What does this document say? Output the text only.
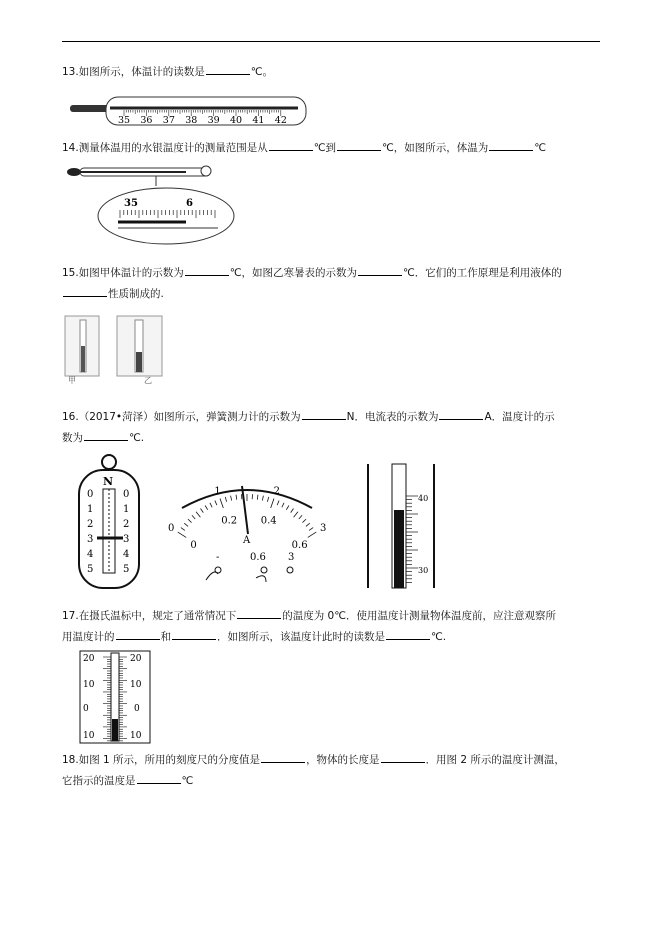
13.如图所示，体温计的读数是	℃。
35 36 37 38 39 40 41 42
14.测量体温用的水银温度计的测量范围是从	℃到	℃，如图所示，体温为	℃
35	6
15.如图甲体温计的示数为	℃，如图乙寒暑表的示数为	℃．它们的工作原理是利用液体的
性质制成的.
甲	乙
16.（2017•菏泽）如图所示，弹簧测力计的示数为	N．电流表的示数为	A．温度计的示
数为	℃.
N
0
1
2
3
4
5
0
1
2
3
4
5
0
1	2
3
0
0.2 0.4
0.6
A
-	0.6 3
40
30
17.在摄氏温标中，规定了通常情况下	的温度为 0℃．使用温度计测量物体温度前，应注意观察所
用温度计的	和	．如图所示，该温度计此时的读数是	℃.
20
10
0
10
20
10
0
10
18.如图 1 所示，所用的刻度尺的分度值是	，物体的长度是	．用图 2 所示的温度计测温，
它指示的温度是	℃
